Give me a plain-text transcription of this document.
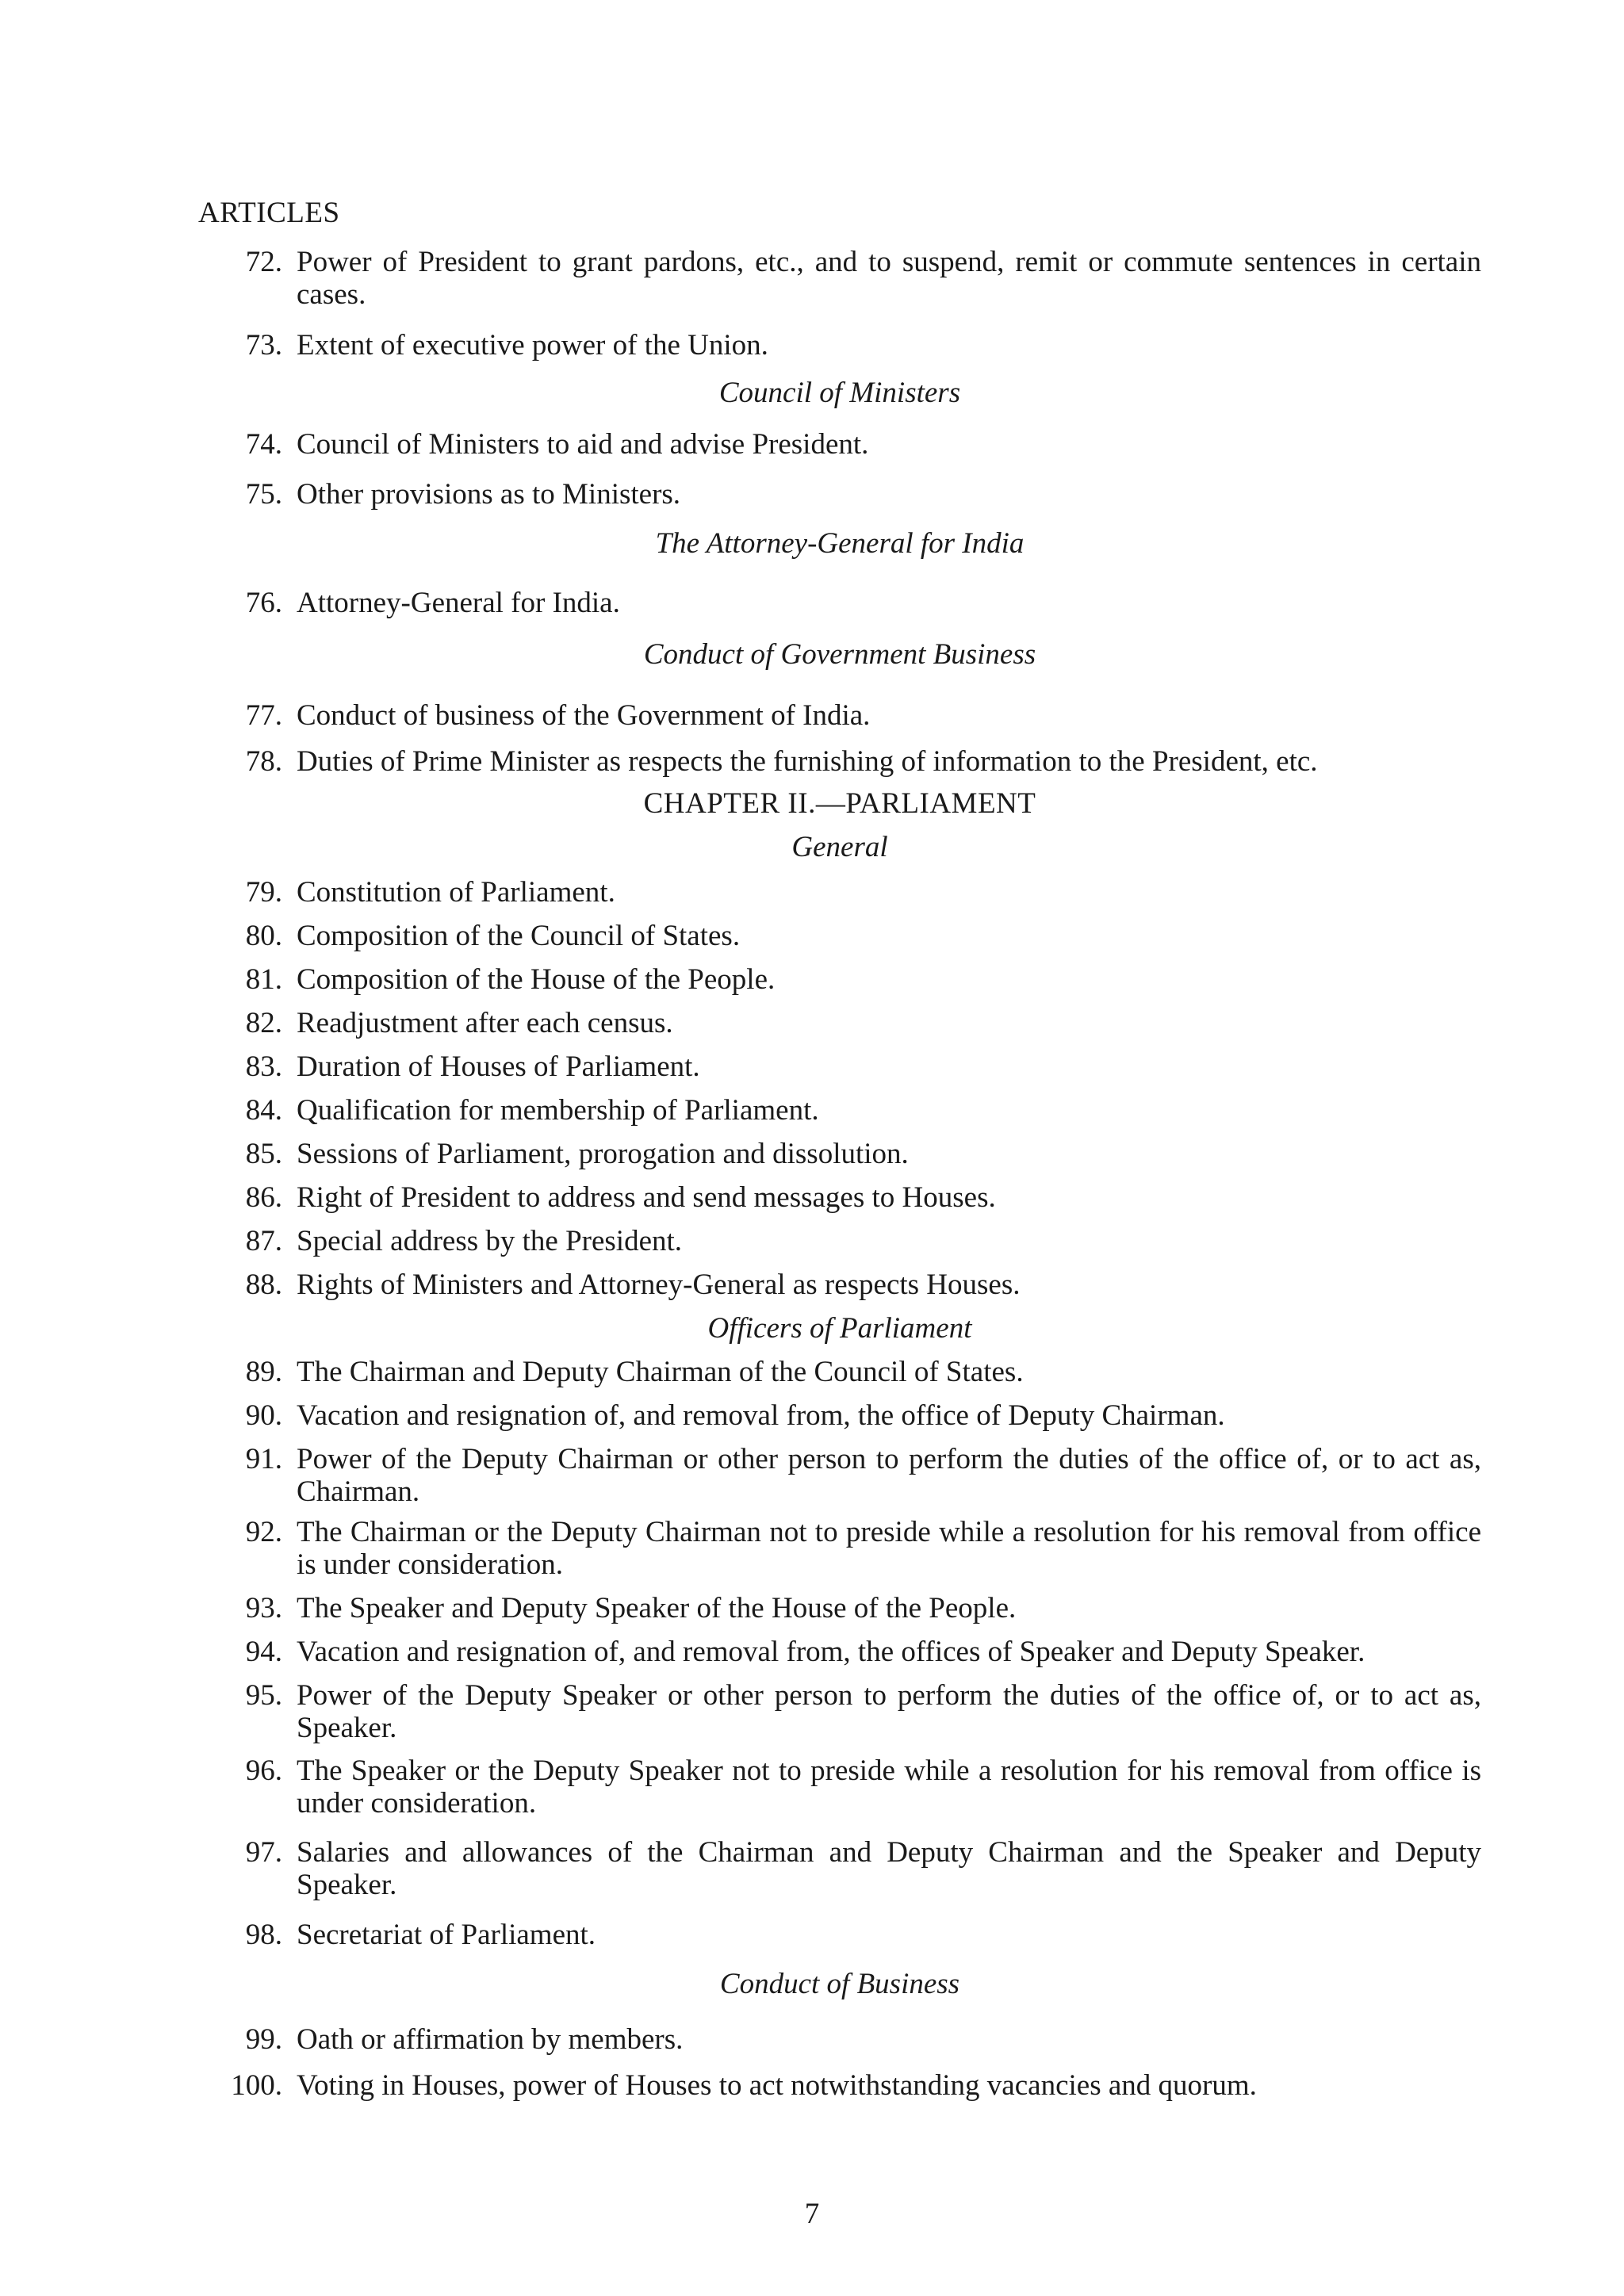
ARTICLES
72. Power of President to grant pardons, etc., and to suspend, remit or commute sentences in certain cases.
73. Extent of executive power of the Union.
Council of Ministers
74. Council of Ministers to aid and advise President.
75. Other provisions as to Ministers.
The Attorney-General for India
76. Attorney-General for India.
Conduct of Government Business
77. Conduct of business of the Government of India.
78. Duties of Prime Minister as respects the furnishing of information to the President, etc.
CHAPTER II.—PARLIAMENT
General
79. Constitution of Parliament.
80. Composition of the Council of States.
81. Composition of the House of the People.
82. Readjustment after each census.
83. Duration of Houses of Parliament.
84. Qualification for membership of Parliament.
85. Sessions of Parliament, prorogation and dissolution.
86. Right of President to address and send messages to Houses.
87. Special address by the President.
88. Rights of Ministers and Attorney-General as respects Houses.
Officers of Parliament
89. The Chairman and Deputy Chairman of the Council of States.
90. Vacation and resignation of, and removal from, the office of Deputy Chairman.
91. Power of the Deputy Chairman or other person to perform the duties of the office of, or to act as, Chairman.
92. The Chairman or the Deputy Chairman not to preside while a resolution for his removal from office is under consideration.
93. The Speaker and Deputy Speaker of the House of the People.
94. Vacation and resignation of, and removal from, the offices of Speaker and Deputy Speaker.
95. Power of the Deputy Speaker or other person to perform the duties of the office of, or to act as, Speaker.
96. The Speaker or the Deputy Speaker not to preside while a resolution for his removal from office is under consideration.
97. Salaries and allowances of the Chairman and Deputy Chairman and the Speaker and Deputy Speaker.
98. Secretariat of Parliament.
Conduct of Business
99. Oath or affirmation by members.
100. Voting in Houses, power of Houses to act notwithstanding vacancies and quorum.
7
